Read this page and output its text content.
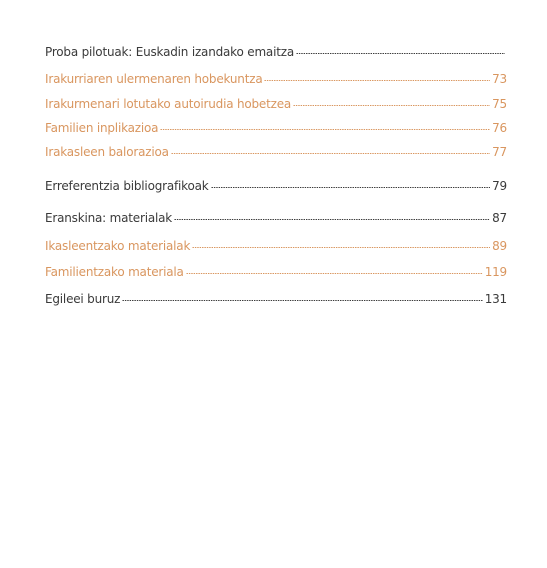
Proba pilotuak: Euskadin izandako emaitza
Irakurriaren ulermenaren hobekuntza	73
Irakurmenari lotutako autoirudia hobetzea	75
Familien inplikazioa	76
Irakasleen balorazioa	77
Erreferentzia bibliografikoak	79
Eranskina: materialak	87
Ikasleentzako materialak	89
Familientzako materiala	119
Egileei buruz	131
